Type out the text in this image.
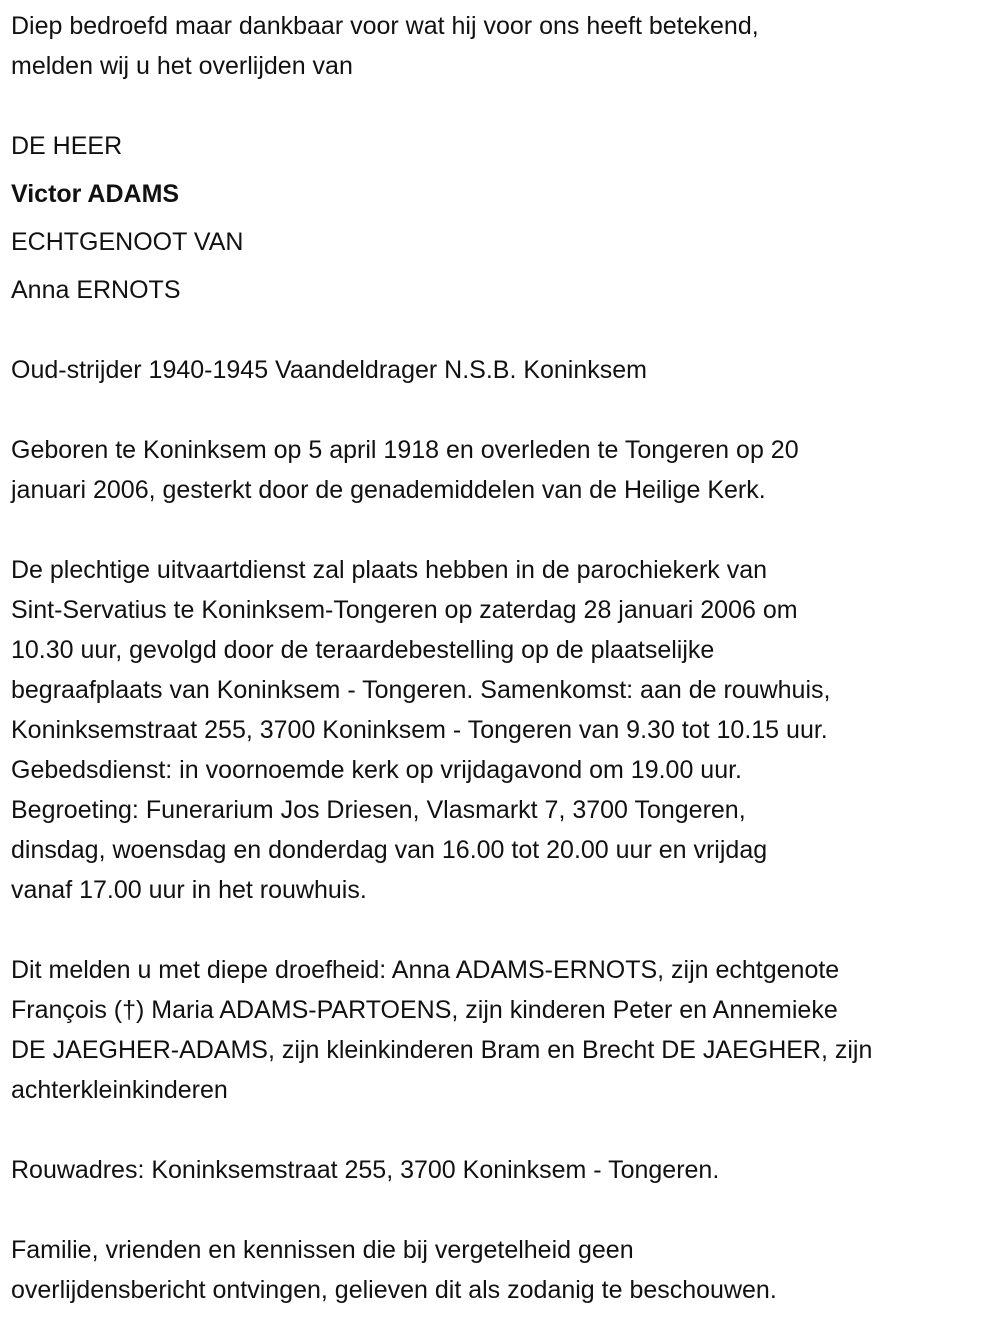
Diep bedroefd maar dankbaar voor wat hij voor ons heeft betekend,
melden wij u het overlijden van
DE HEER
Victor ADAMS
ECHTGENOOT VAN
Anna ERNOTS
Oud-strijder 1940-1945 Vaandeldrager N.S.B. Koninksem
Geboren te Koninksem op 5 april 1918 en overleden te Tongeren op 20
januari 2006, gesterkt door de genademiddelen van de Heilige Kerk.
De plechtige uitvaartdienst zal plaats hebben in de parochiekerk van
Sint-Servatius te Koninksem-Tongeren op zaterdag 28 januari 2006 om
10.30 uur, gevolgd door de teraardebestelling op de plaatselijke
begraafplaats van Koninksem - Tongeren. Samenkomst: aan de rouwhuis,
Koninksemstraat 255, 3700 Koninksem - Tongeren van 9.30 tot 10.15 uur.
Gebedsdienst: in voornoemde kerk op vrijdagavond om 19.00 uur.
Begroeting: Funerarium Jos Driesen, Vlasmarkt 7, 3700 Tongeren,
dinsdag, woensdag en donderdag van 16.00 tot 20.00 uur en vrijdag
vanaf 17.00 uur in het rouwhuis.
Dit melden u met diepe droefheid: Anna ADAMS-ERNOTS, zijn echtgenote
François (†) Maria ADAMS-PARTOENS, zijn kinderen Peter en Annemieke
DE JAEGHER-ADAMS, zijn kleinkinderen Bram en Brecht DE JAEGHER, zijn
achterkleinkinderen
Rouwadres: Koninksemstraat 255, 3700 Koninksem - Tongeren.
Familie, vrienden en kennissen die bij vergetelheid geen
overlijdensbericht ontvingen, gelieven dit als zodanig te beschouwen.
